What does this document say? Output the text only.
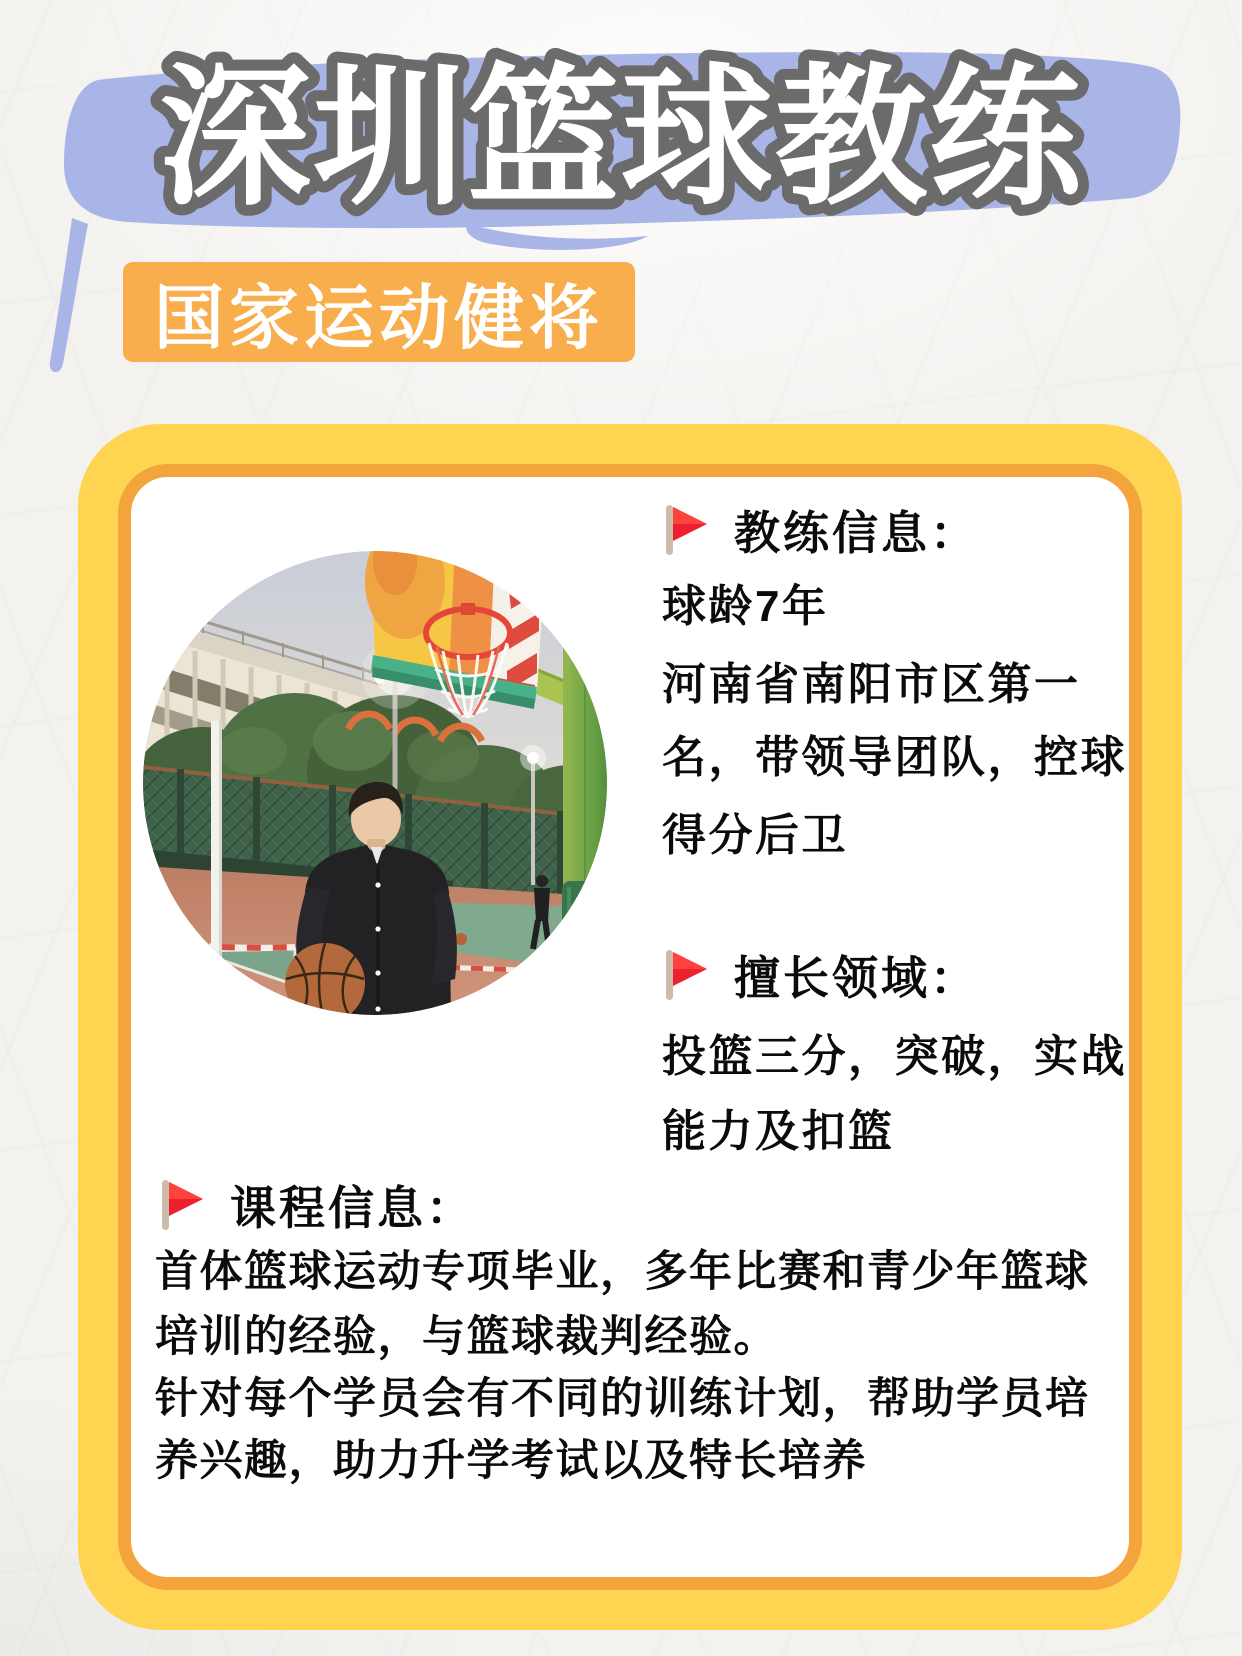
深圳篮球教练
国家运动健将
教练信息：
球龄7年
河南省南阳市区第一
名，带领导团队，控球
得分后卫
擅长领域：
投篮三分，突破，实战
能力及扣篮
课程信息：
首体篮球运动专项毕业，多年比赛和青少年篮球
培训的经验，与篮球裁判经验。
针对每个学员会有不同的训练计划，帮助学员培
养兴趣，助力升学考试以及特长培养
